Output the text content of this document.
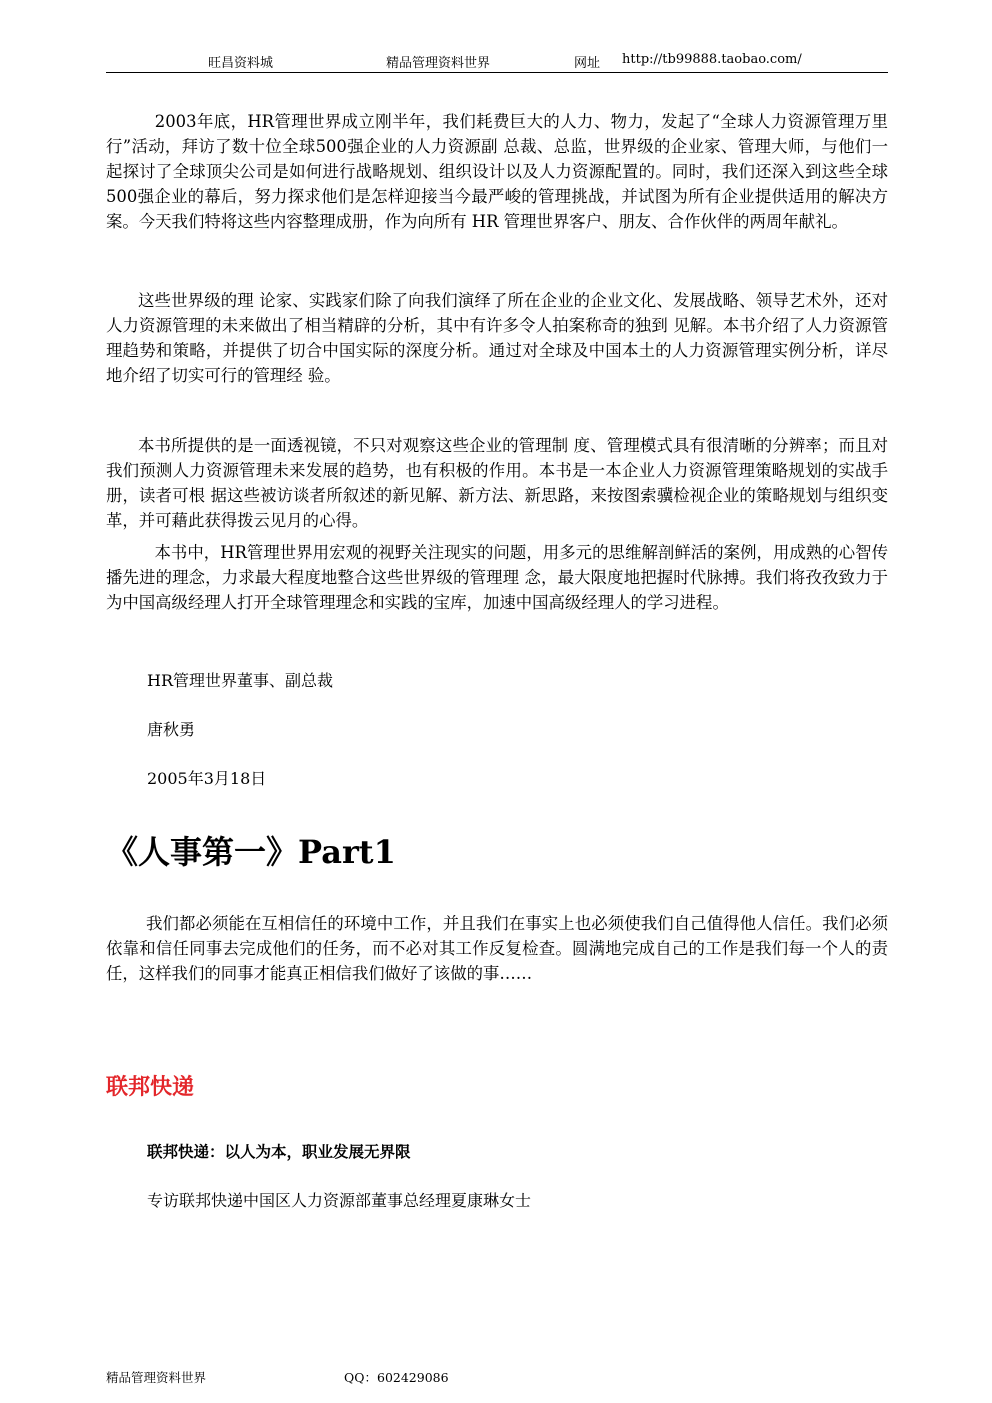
旺昌资料城	精品管理资料世界	网址 http://tb99888.taobao.com/

　2003年底，HR管理世界成立刚半年，我们耗费巨大的人力、物力，发起了“全球人力资源管理万里行”活动，拜访了数十位全球500强企业的人力资源副 总裁、总监，世界级的企业家、管理大师，与他们一起探讨了全球顶尖公司是如何进行战略规划、组织设计以及人力资源配置的。同时，我们还深入到这些全球 500强企业的幕后，努力探求他们是怎样迎接当今最严峻的管理挑战，并试图为所有企业提供适用的解决方案。今天我们特将这些内容整理成册，作为向所有 HR 管理世界客户、朋友、合作伙伴的两周年献礼。

这些世界级的理 论家、实践家们除了向我们演绎了所在企业的企业文化、发展战略、领导艺术外，还对人力资源管理的未来做出了相当精辟的分析，其中有许多令人拍案称奇的独到 见解。本书介绍了人力资源管理趋势和策略，并提供了切合中国实际的深度分析。通过对全球及中国本土的人力资源管理实例分析，详尽地介绍了切实可行的管理经 验。

本书所提供的是一面透视镜，不只对观察这些企业的管理制 度、管理模式具有很清晰的分辨率；而且对我们预测人力资源管理未来发展的趋势，也有积极的作用。本书是一本企业人力资源管理策略规划的实战手册，读者可根 据这些被访谈者所叙述的新见解、新方法、新思路，来按图索骥检视企业的策略规划与组织变革，并可藉此获得拨云见月的心得。

　本书中，HR管理世界用宏观的视野关注现实的问题，用多元的思维解剖鲜活的案例，用成熟的心智传播先进的理念，力求最大程度地整合这些世界级的管理理 念，最大限度地把握时代脉搏。我们将孜孜致力于为中国高级经理人打开全球管理理念和实践的宝库，加速中国高级经理人的学习进程。

HR管理世界董事、副总裁

唐秋勇

2005年3月18日

《人事第一》Part1

我们都必须能在互相信任的环境中工作，并且我们在事实上也必须使我们自己值得他人信任。我们必须依靠和信任同事去完成他们的任务，而不必对其工作反复检查。圆满地完成自己的工作是我们每一个人的责任，这样我们的同事才能真正相信我们做好了该做的事……

联邦快递

联邦快递：以人为本，职业发展无界限

专访联邦快递中国区人力资源部董事总经理夏康琳女士

精品管理资料世界	QQ：602429086
